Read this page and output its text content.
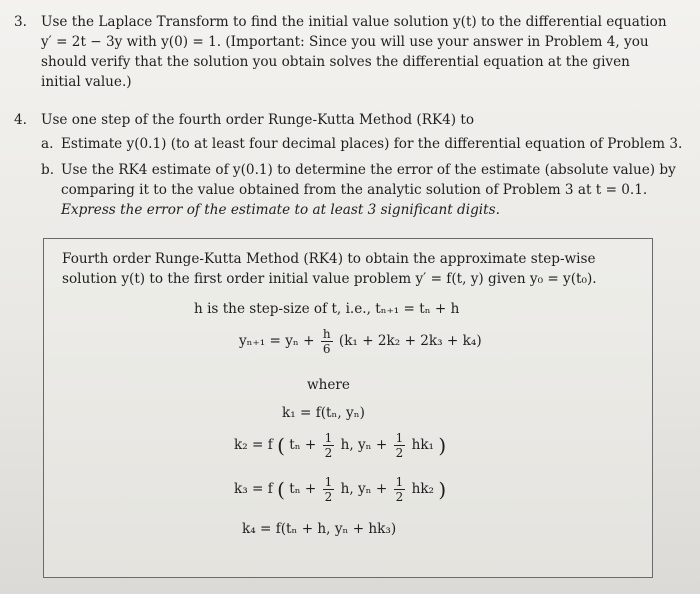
3. Use the Laplace Transform to find the initial value solution y(t) to the differential equation
y′ = 2t − 3y with y(0) = 1. (Important: Since you will use your answer in Problem 4, you
should verify that the solution you obtain solves the differential equation at the given
initial value.)
4. Use one step of the fourth order Runge-Kutta Method (RK4) to
a. Estimate y(0.1) (to at least four decimal places) for the differential equation of Problem 3.
b. Use the RK4 estimate of y(0.1) to determine the error of the estimate (absolute value) by
comparing it to the value obtained from the analytic solution of Problem 3 at t = 0.1.
Express the error of the estimate to at least 3 significant digits.
Fourth order Runge-Kutta Method (RK4) to obtain the approximate step-wise
solution y(t) to the first order initial value problem y′ = f(t, y) given y₀ = y(t₀).
h is the step-size of t, i.e., tₙ₊₁ = tₙ + h
$y_{n+1} = y_n + \frac{h}{6} (k_1 + 2k_2 + 2k_3 + k_4)$
where
k₁ = f(tₙ, yₙ)
k₂ = f ( $t_n + \frac{1}{2} h$, $y_n + \frac{1}{2} hk_1$ )
k₃ = f ( $t_n + \frac{1}{2} h$, $y_n + \frac{1}{2} hk_2$ )
k₄ = f(tₙ + h, yₙ + hk₃)
